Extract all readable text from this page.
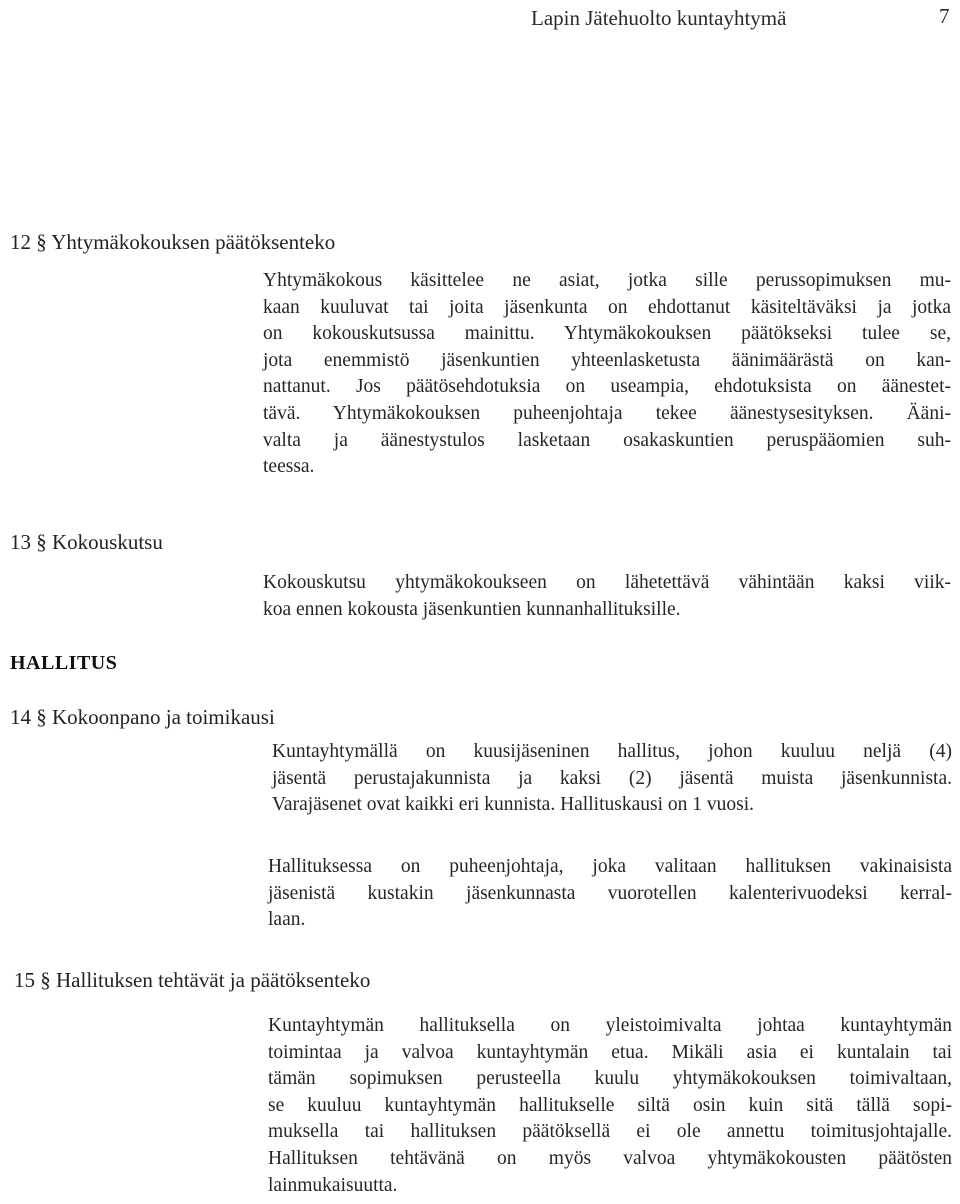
Lapin Jätehuolto kuntayhtymä	7
12 § Yhtymäkokouksen päätöksenteko
Yhtymäkokous käsittelee ne asiat, jotka sille perussopimuksen mu-
kaan kuuluvat tai joita jäsenkunta on ehdottanut käsiteltäväksi ja jotka
on kokouskutsussa mainittu. Yhtymäkokouksen päätökseksi tulee se,
jota enemmistö jäsenkuntien yhteenlasketusta äänimäärästä on kan-
nattanut. Jos päätösehdotuksia on useampia, ehdotuksista on äänestet-
tävä. Yhtymäkokouksen puheenjohtaja tekee äänestysesityksen. Ääni-
valta ja äänestystulos lasketaan osakaskuntien peruspääomien suh-
teessa.
13 § Kokouskutsu
Kokouskutsu yhtymäkokoukseen on lähetettävä vähintään kaksi viik-
koa ennen kokousta jäsenkuntien kunnanhallituksille.
HALLITUS
14 § Kokoonpano ja toimikausi
Kuntayhtymällä on kuusijäseninen hallitus, johon kuuluu neljä (4)
jäsentä perustajakunnista ja kaksi (2) jäsentä muista jäsenkunnista.
Varajäsenet ovat kaikki eri kunnista. Hallituskausi on 1 vuosi.
Hallituksessa on puheenjohtaja, joka valitaan hallituksen vakinaisista
jäsenistä kustakin jäsenkunnasta vuorotellen kalenterivuodeksi kerral-
laan.
15 § Hallituksen tehtävät ja päätöksenteko
Kuntayhtymän hallituksella on yleistoimivalta johtaa kuntayhtymän
toimintaa ja valvoa kuntayhtymän etua. Mikäli asia ei kuntalain tai
tämän sopimuksen perusteella kuulu yhtymäkokouksen toimivaltaan,
se kuuluu kuntayhtymän hallitukselle siltä osin kuin sitä tällä sopi-
muksella tai hallituksen päätöksellä ei ole annettu toimitusjohtajalle.
Hallituksen tehtävänä on myös valvoa yhtymäkokousten päätösten
lainmukaisuutta.
